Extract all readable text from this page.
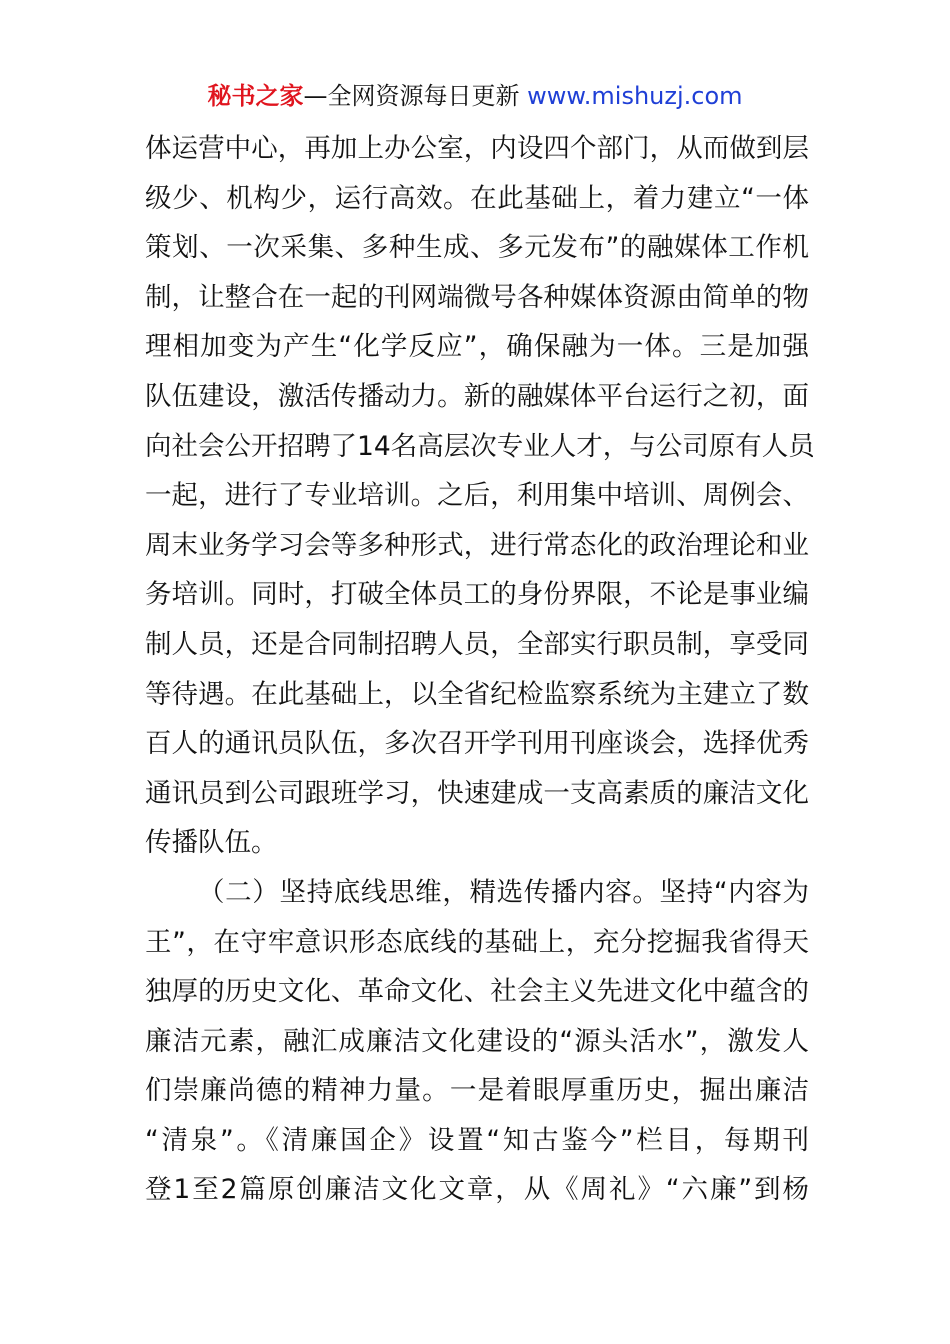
秘书之家—全网资源每日更新 www.mishuzj.com
体运营中心，再加上办公室，内设四个部门，从而做到层
级少、机构少，运行高效。在此基础上，着力建立“一体
策划、一次采集、多种生成、多元发布”的融媒体工作机
制，让整合在一起的刊网端微号各种媒体资源由简单的物
理相加变为产生“化学反应”，确保融为一体。三是加强
队伍建设，激活传播动力。新的融媒体平台运行之初，面
向社会公开招聘了14名高层次专业人才，与公司原有人员
一起，进行了专业培训。之后，利用集中培训、周例会、
周末业务学习会等多种形式，进行常态化的政治理论和业
务培训。同时，打破全体员工的身份界限，不论是事业编
制人员，还是合同制招聘人员，全部实行职员制，享受同
等待遇。在此基础上，以全省纪检监察系统为主建立了数
百人的通讯员队伍，多次召开学刊用刊座谈会，选择优秀
通讯员到公司跟班学习，快速建成一支高素质的廉洁文化
传播队伍。
（二）坚持底线思维，精选传播内容。坚持“内容为
王”，在守牢意识形态底线的基础上，充分挖掘我省得天
独厚的历史文化、革命文化、社会主义先进文化中蕴含的
廉洁元素，融汇成廉洁文化建设的“源头活水”，激发人
们崇廉尚德的精神力量。一是着眼厚重历史，掘出廉洁
“清泉”。《清廉国企》设置“知古鉴今”栏目，每期刊
登1至2篇原创廉洁文化文章，从《周礼》“六廉”到杨
